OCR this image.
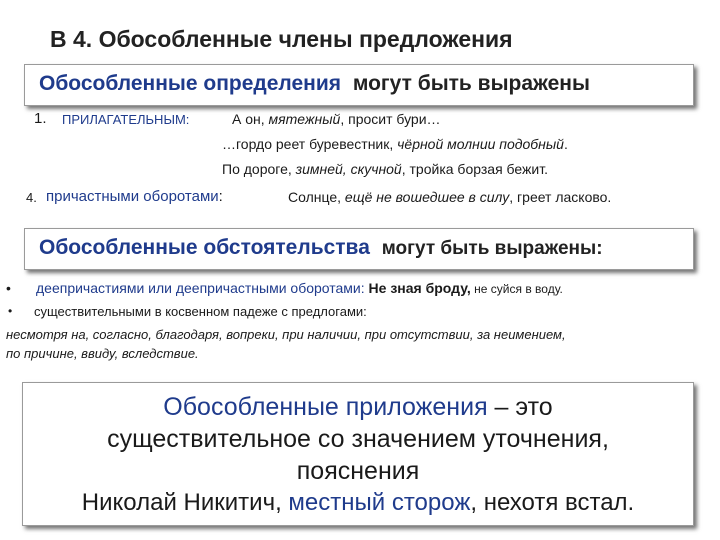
В 4. Обособленные члены предложения
Обособленные определения могут быть выражены
1. ПРИЛАГАТЕЛЬНЫМ:	А он, мятежный, просит бури…
…гордо реет буревестник, чёрной молнии подобный.
По дороге, зимней, скучной, тройка борзая бежит.
4. причастными оборотами:	Солнце, ещё не вошедшее в силу, греет ласково.
Обособленные обстоятельства могут быть выражены:
• деепричастиями или деепричастными оборотами: Не зная броду, не суйся в воду.
• существительными в косвенном падеже с предлогами:
несмотря на, согласно, благодаря, вопреки, при наличии, при отсутствии, за неимением,
по причине, ввиду, вследствие.
Обособленные приложения – это
существительное со значением уточнения,
пояснения
Николай Никитич, местный сторож, нехотя встал.
